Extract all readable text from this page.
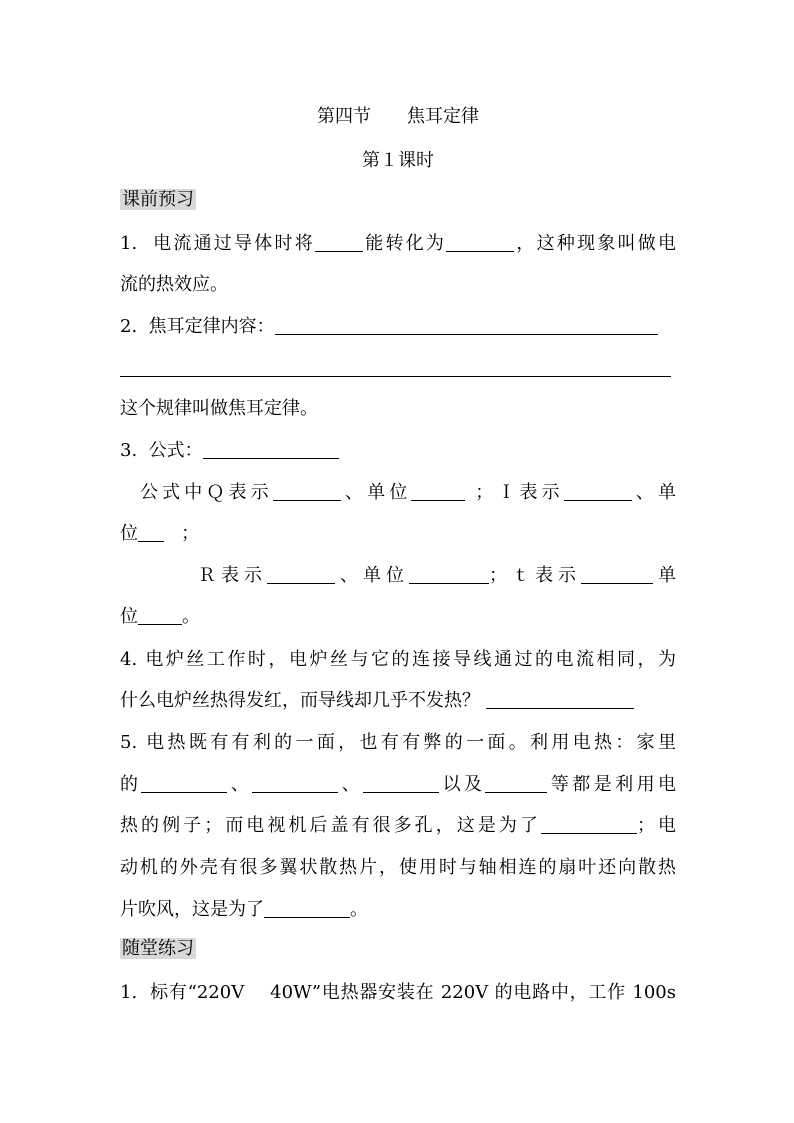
第四节　　焦耳定律
第１课时
课前预习
1. 电流通过导体时将	能转化为	，这种现象叫做电
流的热效应。
2. 焦耳定律内容：
这个规律叫做焦耳定律。
3. 公式：
公式中Ｑ表示	、单位	；Ｉ表示	、单
位 ；
Ｒ表示	、单位	；ｔ表示	单
位 。
4. 电炉丝工作时，电炉丝与它的连接导线通过的电流相同，为
什么电炉丝热得发红，而导线却几乎不发热？
5. 电热既有有利的一面，也有有弊的一面。利用电热：家里
的	、	、	以及	等都是利用电
热的例子；而电视机后盖有很多孔，这是为了	；电
动机的外壳有很多翼状散热片，使用时与轴相连的扇叶还向散热
片吹风，这是为了	。
随堂练习
1. 标有“220V　 40W”电热器安装在 220V 的电路中，工作 100s
